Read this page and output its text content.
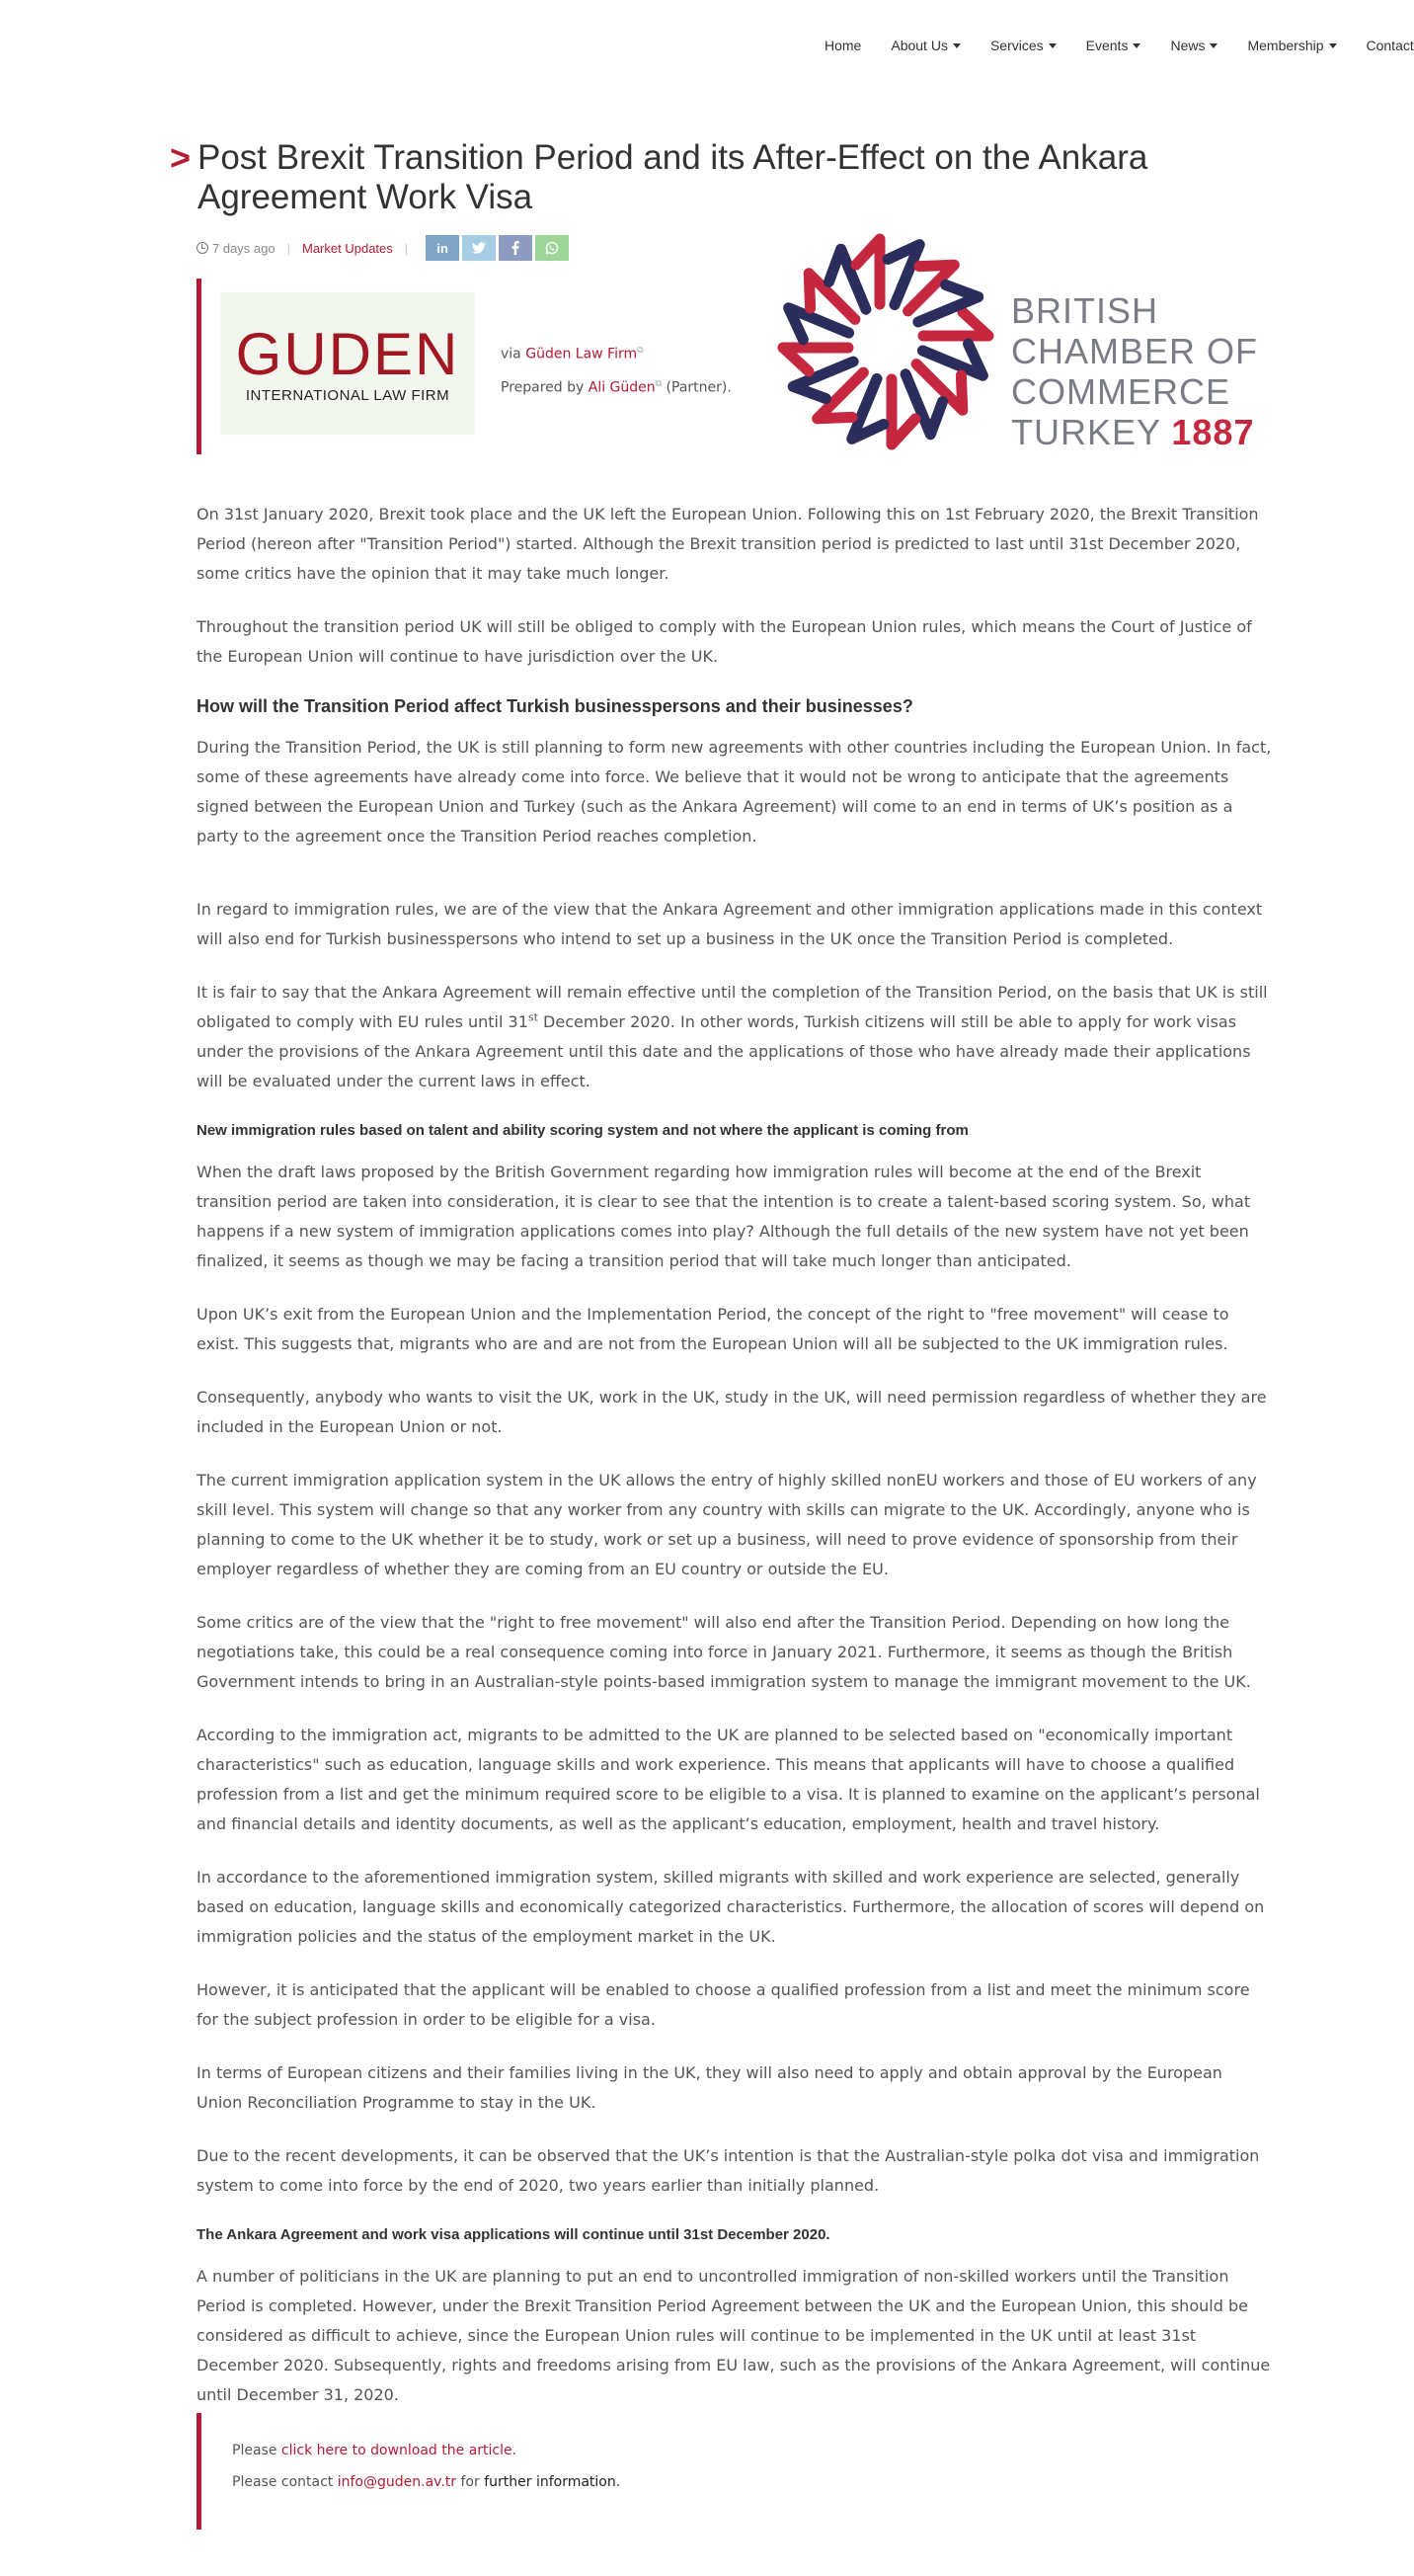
Home About Us	Services	Events	News	Membership	Contact
> Post Brexit Transition Period and its After-Effect on the Ankara Agreement Work Visa
7 days ago | Market Updates |	in
GUDEN
INTERNATIONAL LAW FIRM
via Güden Law Firm⧉
Prepared by Ali Güden⧉ (Partner).
BRITISH
CHAMBER OF
COMMERCE
TURKEY 1887

On 31st January 2020, Brexit took place and the UK left the European Union. Following this on 1st February 2020, the Brexit Transition Period (hereon after "Transition Period") started. Although the Brexit transition period is predicted to last until 31st December 2020, some critics have the opinion that it may take much longer.

Throughout the transition period UK will still be obliged to comply with the European Union rules, which means the Court of Justice of the European Union will continue to have jurisdiction over the UK.

How will the Transition Period affect Turkish businesspersons and their businesses?

During the Transition Period, the UK is still planning to form new agreements with other countries including the European Union. In fact, some of these agreements have already come into force. We believe that it would not be wrong to anticipate that the agreements signed between the European Union and Turkey (such as the Ankara Agreement) will come to an end in terms of UK’s position as a party to the agreement once the Transition Period reaches completion.

In regard to immigration rules, we are of the view that the Ankara Agreement and other immigration applications made in this context will also end for Turkish businesspersons who intend to set up a business in the UK once the Transition Period is completed.

It is fair to say that the Ankara Agreement will remain effective until the completion of the Transition Period, on the basis that UK is still obligated to comply with EU rules until 31st December 2020. In other words, Turkish citizens will still be able to apply for work visas under the provisions of the Ankara Agreement until this date and the applications of those who have already made their applications will be evaluated under the current laws in effect.

New immigration rules based on talent and ability scoring system and not where the applicant is coming from

When the draft laws proposed by the British Government regarding how immigration rules will become at the end of the Brexit transition period are taken into consideration, it is clear to see that the intention is to create a talent-based scoring system. So, what happens if a new system of immigration applications comes into play? Although the full details of the new system have not yet been finalized, it seems as though we may be facing a transition period that will take much longer than anticipated.

Upon UK’s exit from the European Union and the Implementation Period, the concept of the right to "free movement" will cease to exist. This suggests that, migrants who are and are not from the European Union will all be subjected to the UK immigration rules.

Consequently, anybody who wants to visit the UK, work in the UK, study in the UK, will need permission regardless of whether they are included in the European Union or not.

The current immigration application system in the UK allows the entry of highly skilled nonEU workers and those of EU workers of any skill level. This system will change so that any worker from any country with skills can migrate to the UK. Accordingly, anyone who is planning to come to the UK whether it be to study, work or set up a business, will need to prove evidence of sponsorship from their employer regardless of whether they are coming from an EU country or outside the EU.

Some critics are of the view that the "right to free movement" will also end after the Transition Period. Depending on how long the negotiations take, this could be a real consequence coming into force in January 2021. Furthermore, it seems as though the British Government intends to bring in an Australian-style points-based immigration system to manage the immigrant movement to the UK.

According to the immigration act, migrants to be admitted to the UK are planned to be selected based on "economically important characteristics" such as education, language skills and work experience. This means that applicants will have to choose a qualified profession from a list and get the minimum required score to be eligible to a visa. It is planned to examine on the applicant’s personal and financial details and identity documents, as well as the applicant’s education, employment, health and travel history.

In accordance to the aforementioned immigration system, skilled migrants with skilled and work experience are selected, generally based on education, language skills and economically categorized characteristics. Furthermore, the allocation of scores will depend on immigration policies and the status of the employment market in the UK.

However, it is anticipated that the applicant will be enabled to choose a qualified profession from a list and meet the minimum score for the subject profession in order to be eligible for a visa.

In terms of European citizens and their families living in the UK, they will also need to apply and obtain approval by the European Union Reconciliation Programme to stay in the UK.

Due to the recent developments, it can be observed that the UK’s intention is that the Australian-style polka dot visa and immigration system to come into force by the end of 2020, two years earlier than initially planned.

The Ankara Agreement and work visa applications will continue until 31st December 2020.

A number of politicians in the UK are planning to put an end to uncontrolled immigration of non-skilled workers until the Transition Period is completed. However, under the Brexit Transition Period Agreement between the UK and the European Union, this should be considered as difficult to achieve, since the European Union rules will continue to be implemented in the UK until at least 31st December 2020. Subsequently, rights and freedoms arising from EU law, such as the provisions of the Ankara Agreement, will continue until December 31, 2020.

Please click here to download the article.
Please contact info@guden.av.tr for further information.
